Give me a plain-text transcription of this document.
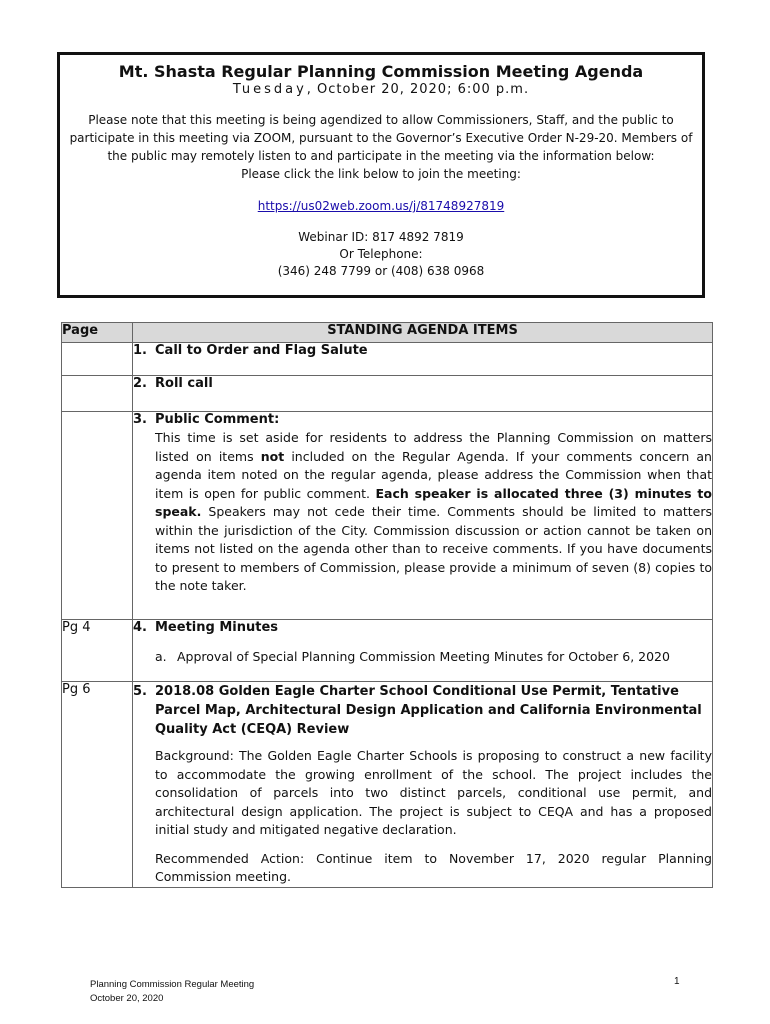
Mt. Shasta Regular Planning Commission Meeting Agenda
Tuesday, October 20, 2020; 6:00 p.m.
Please note that this meeting is being agendized to allow Commissioners, Staff, and the public to participate in this meeting via ZOOM, pursuant to the Governor’s Executive Order N-29-20. Members of the public may remotely listen to and participate in the meeting via the information below:
Please click the link below to join the meeting:
https://us02web.zoom.us/j/81748927819
Webinar ID: 817 4892 7819
Or Telephone:
(346) 248 7799 or (408) 638 0968
Page	STANDING AGENDA ITEMS

	1. Call to Order and Flag Salute

	2. Roll call

	3. Public Comment:
This time is set aside for residents to address the Planning Commission on matters listed on items not included on the Regular Agenda. If your comments concern an agenda item noted on the regular agenda, please address the Commission when that item is open for public comment. Each speaker is allocated three (3) minutes to speak. Speakers may not cede their time. Comments should be limited to matters within the jurisdiction of the City. Commission discussion or action cannot be taken on items not listed on the agenda other than to receive comments. If you have documents to present to members of Commission, please provide a minimum of seven (8) copies to the note taker.

Pg 4	4. Meeting Minutes
a. Approval of Special Planning Commission Meeting Minutes for October 6, 2020

Pg 6	5. 2018.08 Golden Eagle Charter School Conditional Use Permit, Tentative Parcel Map, Architectural Design Application and California Environmental Quality Act (CEQA) Review
Background: The Golden Eagle Charter Schools is proposing to construct a new facility to accommodate the growing enrollment of the school. The project includes the consolidation of parcels into two distinct parcels, conditional use permit, and architectural design application. The project is subject to CEQA and has a proposed initial study and mitigated negative declaration.
Recommended Action: Continue item to November 17, 2020 regular Planning Commission meeting.
Planning Commission Regular Meeting
October 20, 2020
1
